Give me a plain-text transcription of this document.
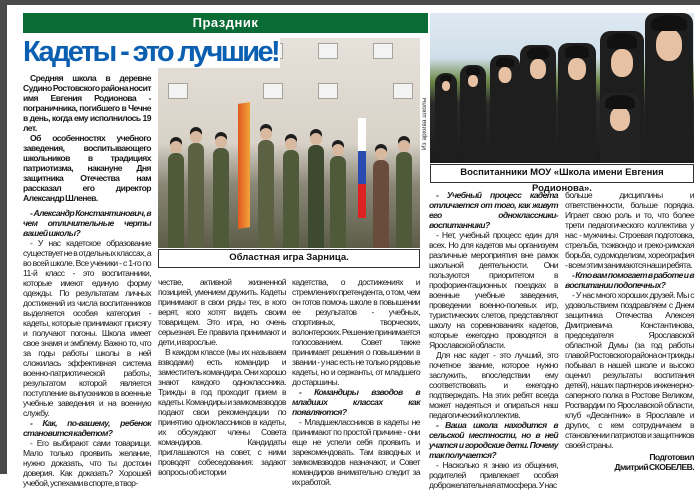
Праздник
Кадеты - это лучшие!
Областная игра Зарница.
Из архива школы
Воспитанники МОУ «Школа имени Евгения Родионова».

Средняя школа в деревне Судино Ростовского района носит имя Евгения Родионова - пограничника, погибшего в Чечне в день, когда ему исполнилось 19 лет.

Об особенностях учебного заведения, воспитывающего школьников в традициях патриотизма, накануне Дня защитника Отечества нам рассказал его директор Александр Шленев.

- Александр Константинович, в чем отличительные черты вашей школы?

- У нас кадетское образование существует не в отдельных классах, а во всей школе. Все ученики - с 1-го по 11-й класс - это воспитанники, которые имеют единую форму одежды. По результатам личных достижений из числа воспитанников выделяется особая категория - кадеты, которые принимают присягу и получают погоны. Школа имеет свое знамя и эмблему. Важно то, что за годы работы школы в ней сложилась эффективная система военно-патриотической работы, результатом которой является поступление выпускников в военные учебные заведения и на военную службу.

- Как, по-вашему, ребенок становится кадетом?

- Его выбирают сами товарищи. Мало только проявить желание, нужно доказать, что ты достоин доверия. Как доказать? Хорошей учебой, успехами в спорте, в твор-

честве, активной жизненной позицией, умением дружить. Кадеты принимают в свои ряды тех, в кого верят, кого хотят видеть своим товарищем. Это игра, но очень серьезная. Ее правила принимают и дети, и взрослые.

В каждом классе (мы их называем взводами) есть командир и заместитель командира. Они хорошо знают каждого одноклассника. Трижды в год проходит прием в кадеты. Командиры и замкомвзводов подают свои рекомендации по принятию одноклассников в кадеты, их обсуждают члены Совета командиров. Кандидаты приглашаются на совет, с ними проводят собеседования: задают вопросы об истории

кадетства, о достижениях и стремлениях претендента, о том, чем он готов помочь школе в повышении ее результатов - учебных, спортивных, творческих, волонтерских. Решение принимается голосованием. Совет также принимает решения о повышении в звании - у нас есть не только рядовые кадеты, но и сержанты, от младшего до старшины.

- Командиры взводов в младших классах как появляются?

- Младшеклассников в кадеты не принимают по простой причине - они еще не успели себя проявить и зарекомендовать. Там взводных и замкомвзводов назначают, и Совет командиров внимательно следит за их работой.

- Учебный процесс кадета отличается от того, как живут его одноклассники-воспитанники?

- Нет, учебный процесс един для всех. Но для кадетов мы организуем различные мероприятия вне рамок школьной деятельности. Они пользуются приоритетом в профориентационных поездках в военные учебные заведения, проведении военно-полевых игр, туристических слетов, представляют школу на соревнованиях кадетов, которые ежегодно проводятся в Ярославской области.

Для нас кадет - это лучший, это почетное звание, которое нужно заслужить, впоследствии ему соответствовать и ежегодно подтверждать. На этих ребят всегда может надеяться и опираться наш педагогический коллектив.

- Ваша школа находится в сельской местности, но в ней учатся и городские дети. Почему так получается?

- Насколько я знаю из общения, родителей привлекает особая доброжелательная атмосфера. У нас

больше дисциплины и ответственности, больше порядка. Играет свою роль и то, что более трети педагогического коллектива у нас - мужчины. Строевая подготовка, стрельба, тхэквондо и греко-римская борьба, судомоделизм, хореография - всем этим занимаются наши ребята.

- Кто вам помогает в работе и в воспитании подопечных?

- У нас много хороших друзей. Мы с удовольствием поздравляем с Днем защитника Отечества Алексея Дмитриевича Константинова, председателя Ярославской областной Думы (за год работы главой Ростовского района он трижды побывал в нашей школе и высоко оценил результаты воспитания детей), наших партнеров инженерно-саперного полка в Ростове Великом, Росгвардии по Ярославской области, клуб «Десантник» в Ярославле и других, с кем сотрудничаем в становлении патриотов и защитников своей страны.

Подготовил

Дмитрий СКОБЕЛЕВ.
